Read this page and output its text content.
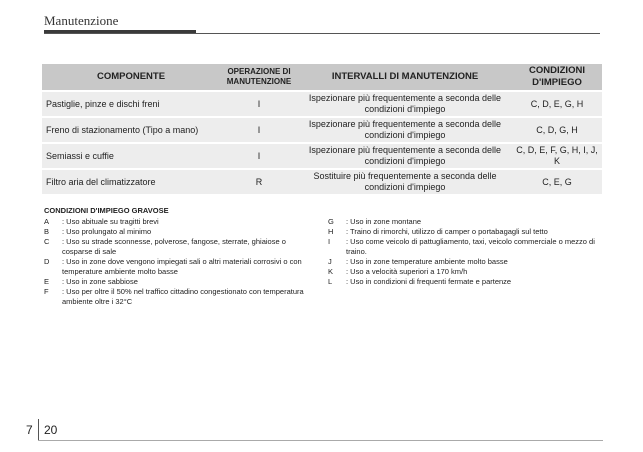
Manutenzione
COMPONENTE	OPERAZIONE DI MANUTENZIONE	INTERVALLI DI MANUTENZIONE	CONDIZIONI D'IMPIEGO
Pastiglie, pinze e dischi freni	I	Ispezionare più frequentemente a seconda delle condizioni d'impiego	C, D, E, G, H
Freno di stazionamento (Tipo a mano)	I	Ispezionare più frequentemente a seconda delle condizioni d'impiego	C, D, G, H
Semiassi e cuffie	I	Ispezionare più frequentemente a seconda delle condizioni d'impiego	C, D, E, F, G, H, I, J, K
Filtro aria del climatizzatore	R	Sostituire più frequentemente a seconda delle condizioni d'impiego	C, E, G
CONDIZIONI D'IMPIEGO GRAVOSE
A	: Uso abituale su tragitti brevi
B	: Uso prolungato al minimo
C	: Uso su strade sconnesse, polverose, fangose, sterrate, ghiaiose o cosparse di sale
D	: Uso in zone dove vengono impiegati sali o altri materiali corrosivi o con temperature ambiente molto basse
E	: Uso in zone sabbiose
F	: Uso per oltre il 50% nel traffico cittadino congestionato con temperatura ambiente oltre i 32°C
G	: Uso in zone montane
H	: Traino di rimorchi, utilizzo di camper o portabagagli sul tetto
I	: Uso come veicolo di pattugliamento, taxi, veicolo commerciale o mezzo di traino.
J	: Uso in zone temperature ambiente molto basse
K	: Uso a velocità superiori a 170 km/h
L	: Uso in condizioni di frequenti fermate e partenze
7 20
